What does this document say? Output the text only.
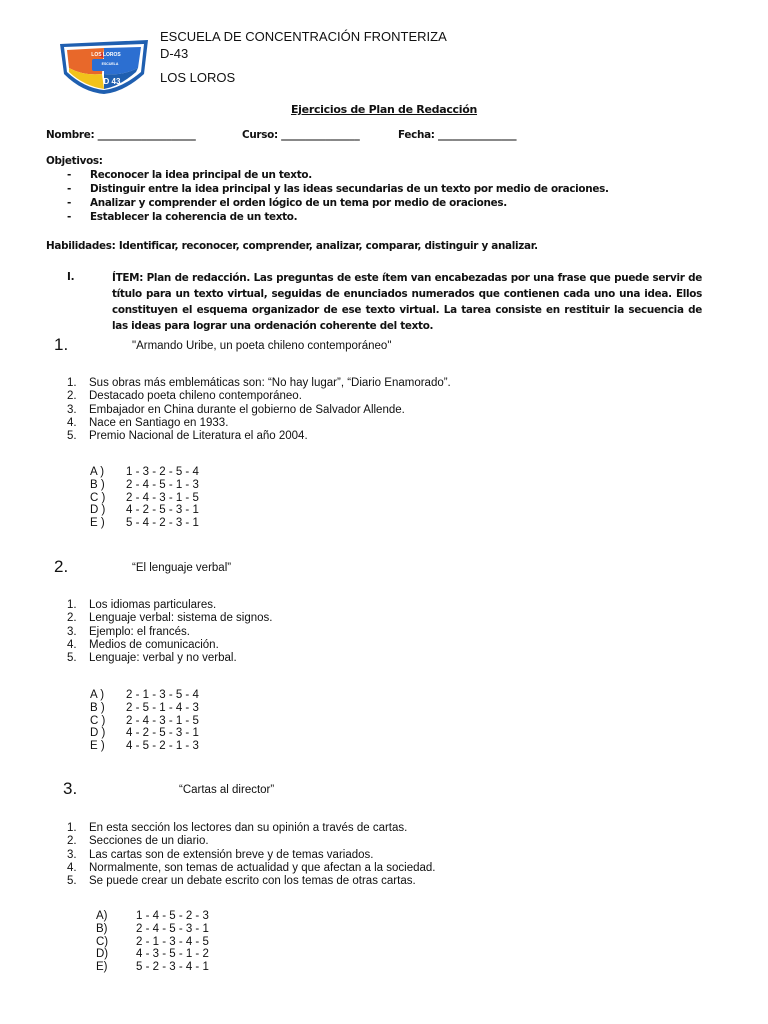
LOS LOROS
ESCUELA
D 43
ESCUELA DE CONCENTRACIÓN FRONTERIZA
D-43
LOS LOROS
Ejercicios de Plan de Redacción
Nombre: ____________________	Curso: ________________	Fecha: ________________
Objetivos:
- Reconocer la idea principal de un texto.
- Distinguir entre la idea principal y las ideas secundarias de un texto por medio de oraciones.
- Analizar y comprender el orden lógico de un tema por medio de oraciones.
- Establecer la coherencia de un texto.
Habilidades: Identificar, reconocer, comprender, analizar, comparar, distinguir y analizar.
I.	ÍTEM: Plan de redacción. Las preguntas de este ítem van encabezadas por una frase que puede servir de título para un texto virtual, seguidas de enunciados numerados que contienen cada uno una idea. Ellos constituyen el esquema organizador de ese texto virtual. La tarea consiste en restituir la secuencia de las ideas para lograr una ordenación coherente del texto.
1.	"Armando Uribe, un poeta chileno contemporáneo"
1. Sus obras más emblemáticas son: “No hay lugar”, “Diario Enamorado”.
2. Destacado poeta chileno contemporáneo.
3. Embajador en China durante el gobierno de Salvador Allende.
4. Nace en Santiago en 1933.
5. Premio Nacional de Literatura el año 2004.
A ) 1 - 3 - 2 - 5 - 4
B ) 2 - 4 - 5 - 1 - 3
C ) 2 - 4 - 3 - 1 - 5
D ) 4 - 2 - 5 - 3 - 1
E ) 5 - 4 - 2 - 3 - 1
2.	“El lenguaje verbal”
1. Los idiomas particulares.
2. Lenguaje verbal: sistema de signos.
3. Ejemplo: el francés.
4. Medios de comunicación.
5. Lenguaje: verbal y no verbal.
A ) 2 - 1 - 3 - 5 - 4
B ) 2 - 5 - 1 - 4 - 3
C ) 2 - 4 - 3 - 1 - 5
D ) 4 - 2 - 5 - 3 - 1
E ) 4 - 5 - 2 - 1 - 3
3.	“Cartas al director”
1. En esta sección los lectores dan su opinión a través de cartas.
2. Secciones de un diario.
3. Las cartas son de extensión breve y de temas variados.
4. Normalmente, son temas de actualidad y que afectan a la sociedad.
5. Se puede crear un debate escrito con los temas de otras cartas.
A) 1 - 4 - 5 - 2 - 3
B) 2 - 4 - 5 - 3 - 1
C) 2 - 1 - 3 - 4 - 5
D) 4 - 3 - 5 - 1 - 2
E) 5 - 2 - 3 - 4 - 1
